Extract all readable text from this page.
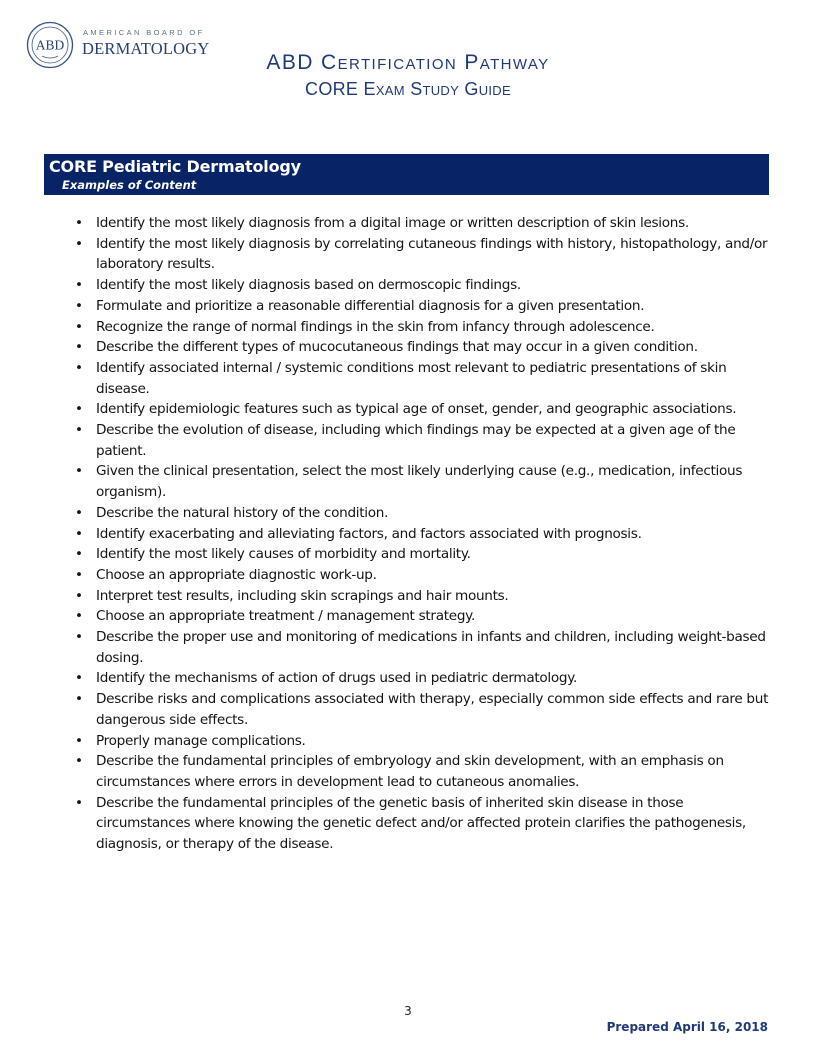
ABD
AMERICAN BOARD OF
DERMATOLOGY
ABD Certification Pathway
CORE Exam Study Guide
CORE Pediatric Dermatology
Examples of Content
• Identify the most likely diagnosis from a digital image or written description of skin lesions.
• Identify the most likely diagnosis by correlating cutaneous findings with history, histopathology, and/or laboratory results.
• Identify the most likely diagnosis based on dermoscopic findings.
• Formulate and prioritize a reasonable differential diagnosis for a given presentation.
• Recognize the range of normal findings in the skin from infancy through adolescence.
• Describe the different types of mucocutaneous findings that may occur in a given condition.
• Identify associated internal / systemic conditions most relevant to pediatric presentations of skin disease.
• Identify epidemiologic features such as typical age of onset, gender, and geographic associations.
• Describe the evolution of disease, including which findings may be expected at a given age of the patient.
• Given the clinical presentation, select the most likely underlying cause (e.g., medication, infectious organism).
• Describe the natural history of the condition.
• Identify exacerbating and alleviating factors, and factors associated with prognosis.
• Identify the most likely causes of morbidity and mortality.
• Choose an appropriate diagnostic work-up.
• Interpret test results, including skin scrapings and hair mounts.
• Choose an appropriate treatment / management strategy.
• Describe the proper use and monitoring of medications in infants and children, including weight-based dosing.
• Identify the mechanisms of action of drugs used in pediatric dermatology.
• Describe risks and complications associated with therapy, especially common side effects and rare but dangerous side effects.
• Properly manage complications.
• Describe the fundamental principles of embryology and skin development, with an emphasis on circumstances where errors in development lead to cutaneous anomalies.
• Describe the fundamental principles of the genetic basis of inherited skin disease in those circumstances where knowing the genetic defect and/or affected protein clarifies the pathogenesis, diagnosis, or therapy of the disease.
3
Prepared April 16, 2018
